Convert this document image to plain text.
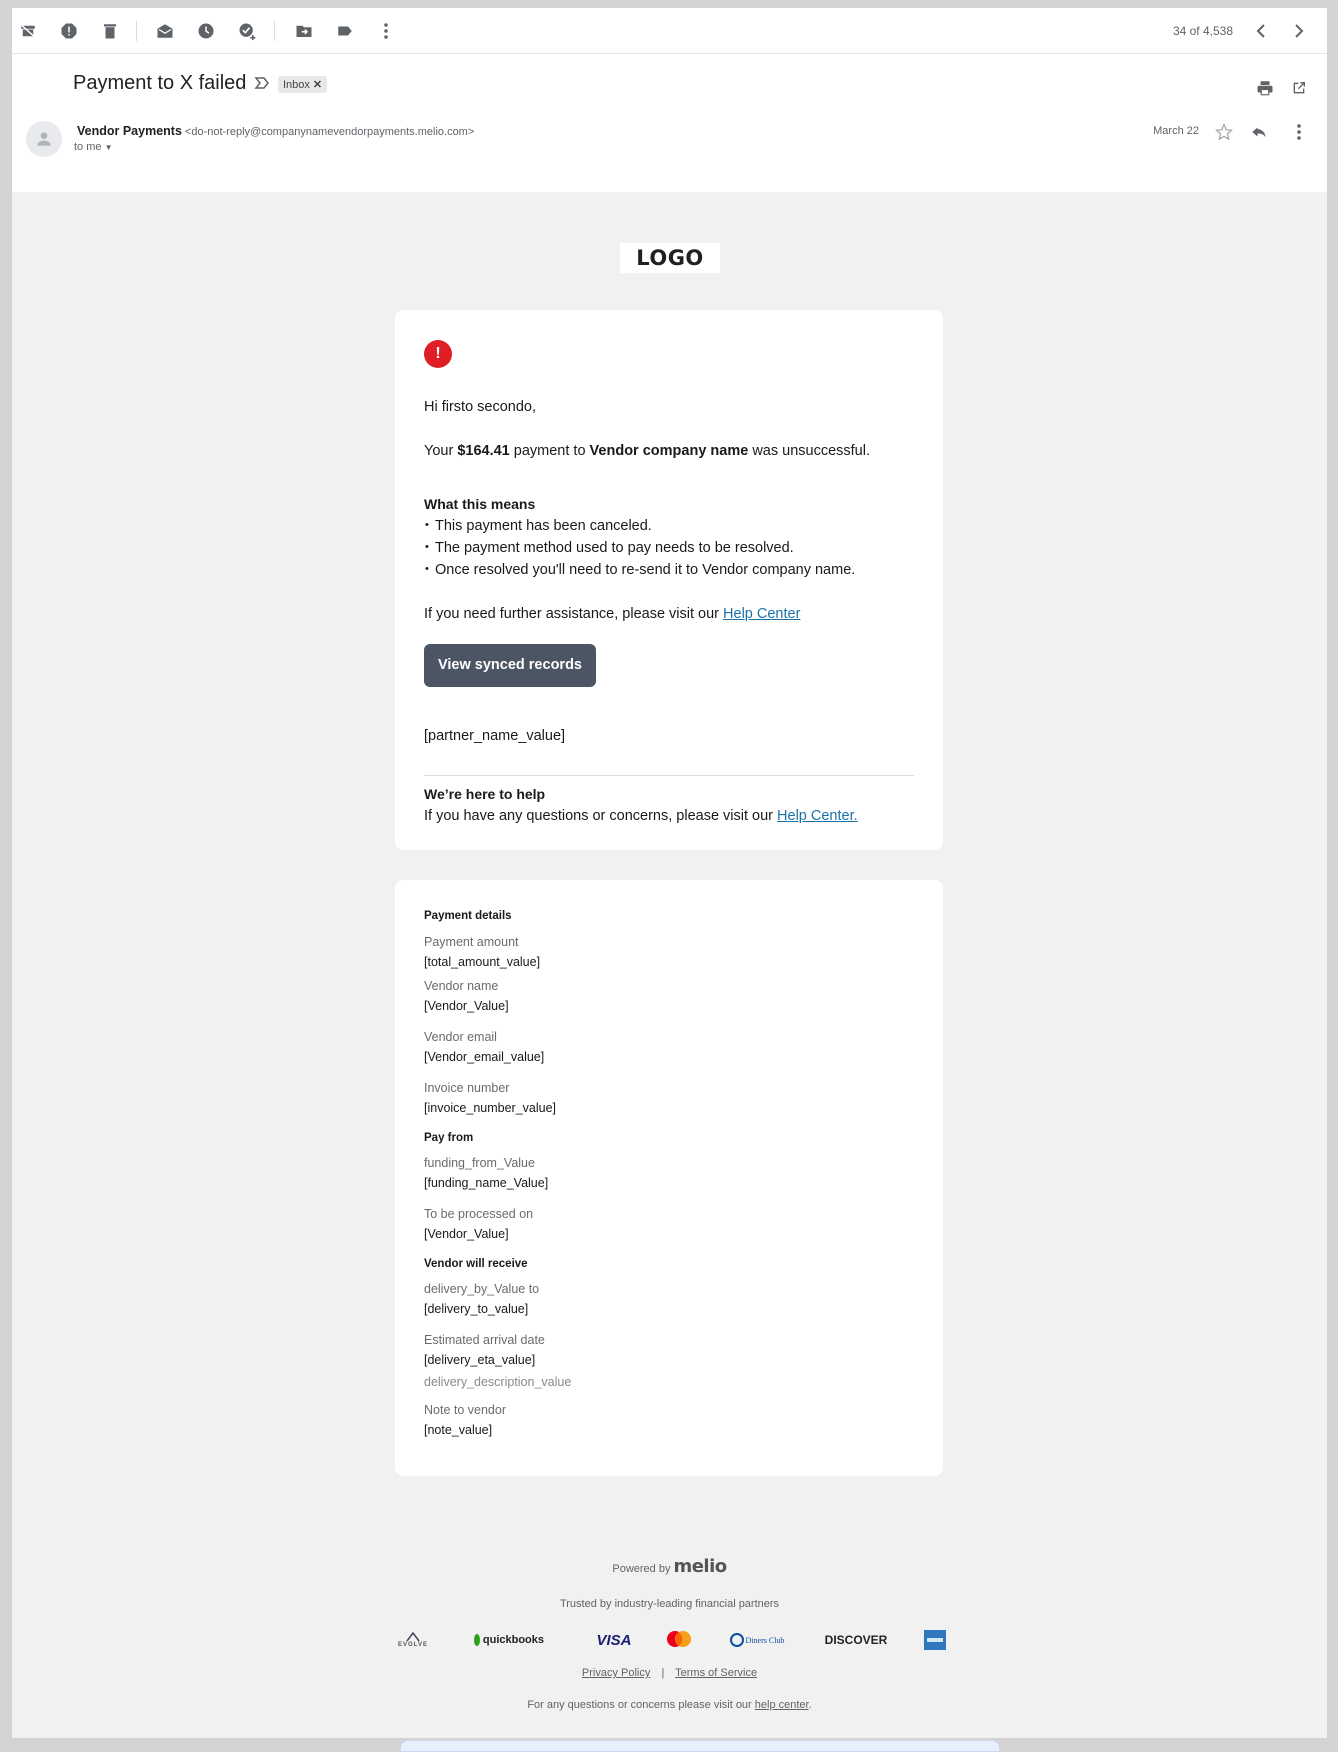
34 of 4,538
Payment to X failed	Inbox ✕
Vendor Payments <do-not-reply@companynamevendorpayments.melio.com>
to me ▼
March 22
LOGO
!
Hi firsto secondo,
Your $164.41 payment to Vendor company name was unsuccessful.
What this means
• This payment has been canceled.
• The payment method used to pay needs to be resolved.
• Once resolved you'll need to re-send it to Vendor company name.
If you need further assistance, please visit our Help Center
View synced records
[partner_name_value]
We’re here to help
If you have any questions or concerns, please visit our Help Center.
Payment details
Payment amount
[total_amount_value]
Vendor name
[Vendor_Value]
Vendor email
[Vendor_email_value]
Invoice number
[invoice_number_value]
Pay from
funding_from_Value
[funding_name_Value]
To be processed on
[Vendor_Value]
Vendor will receive
delivery_by_Value to
[delivery_to_value]
Estimated arrival date
[delivery_eta_value]
delivery_description_value
Note to vendor
[note_value]
Powered by melio
Trusted by industry-leading financial partners
EVOLVE	quickbooks	VISA	Diners Club	DISCOVER
Privacy Policy | Terms of Service
For any questions or concerns please visit our help center.
